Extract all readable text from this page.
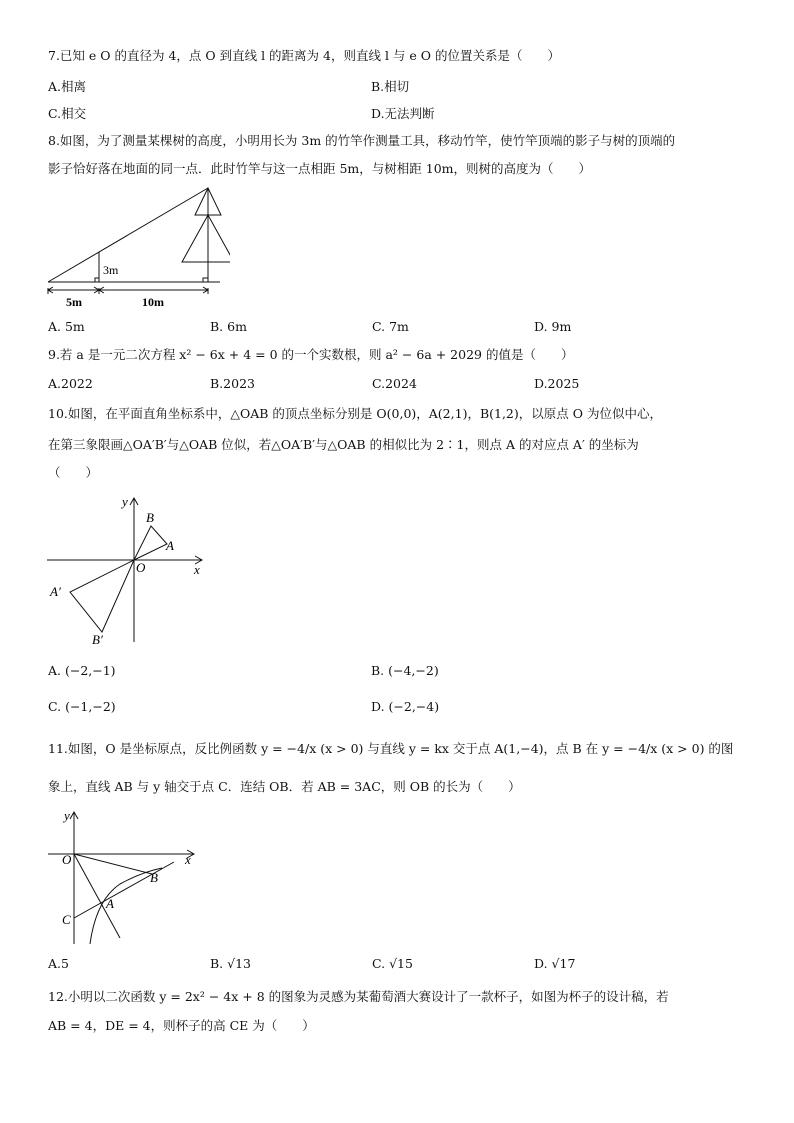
7.已知 e O 的直径为 4，点 O 到直线 l 的距离为 4，则直线 l 与 e O 的位置关系是（　　）
A.相离	B.相切
C.相交	D.无法判断
8.如图，为了测量某棵树的高度，小明用长为 3m 的竹竿作测量工具，移动竹竿，使竹竿顶端的影子与树的顶端的
影子恰好落在地面的同一点．此时竹竿与这一点相距 5m，与树相距 10m，则树的高度为（　　）
3m
5m	10m
A. 5m	B. 6m	C. 7m	D. 9m
9.若 a 是一元二次方程 x² − 6x + 4 = 0 的一个实数根，则 a² − 6a + 2029 的值是（　　）
A.2022	B.2023	C.2024	D.2025
10.如图，在平面直角坐标系中，△OAB 的顶点坐标分别是 O(0,0)，A(2,1)，B(1,2)，以原点 O 为位似中心，
在第三象限画△OA′B′与△OAB 位似，若△OA′B′与△OAB 的相似比为 2∶1，则点 A 的对应点 A′ 的坐标为
（　　）
y
x
O
A
B
A′
B′
A. (−2,−1)	B. (−4,−2)
C. (−1,−2)	D. (−2,−4)
11.如图，O 是坐标原点，反比例函数 y = −4/x (x > 0) 与直线 y = kx 交于点 A(1,−4)，点 B 在 y = −4/x (x > 0) 的图
象上，直线 AB 与 y 轴交于点 C．连结 OB．若 AB = 3AC，则 OB 的长为（　　）
y
x
O
A
B
C
A.5	B. √13	C. √15	D. √17
12.小明以二次函数 y = 2x² − 4x + 8 的图象为灵感为某葡萄酒大赛设计了一款杯子，如图为杯子的设计稿，若
AB = 4，DE = 4，则杯子的高 CE 为（　　）
